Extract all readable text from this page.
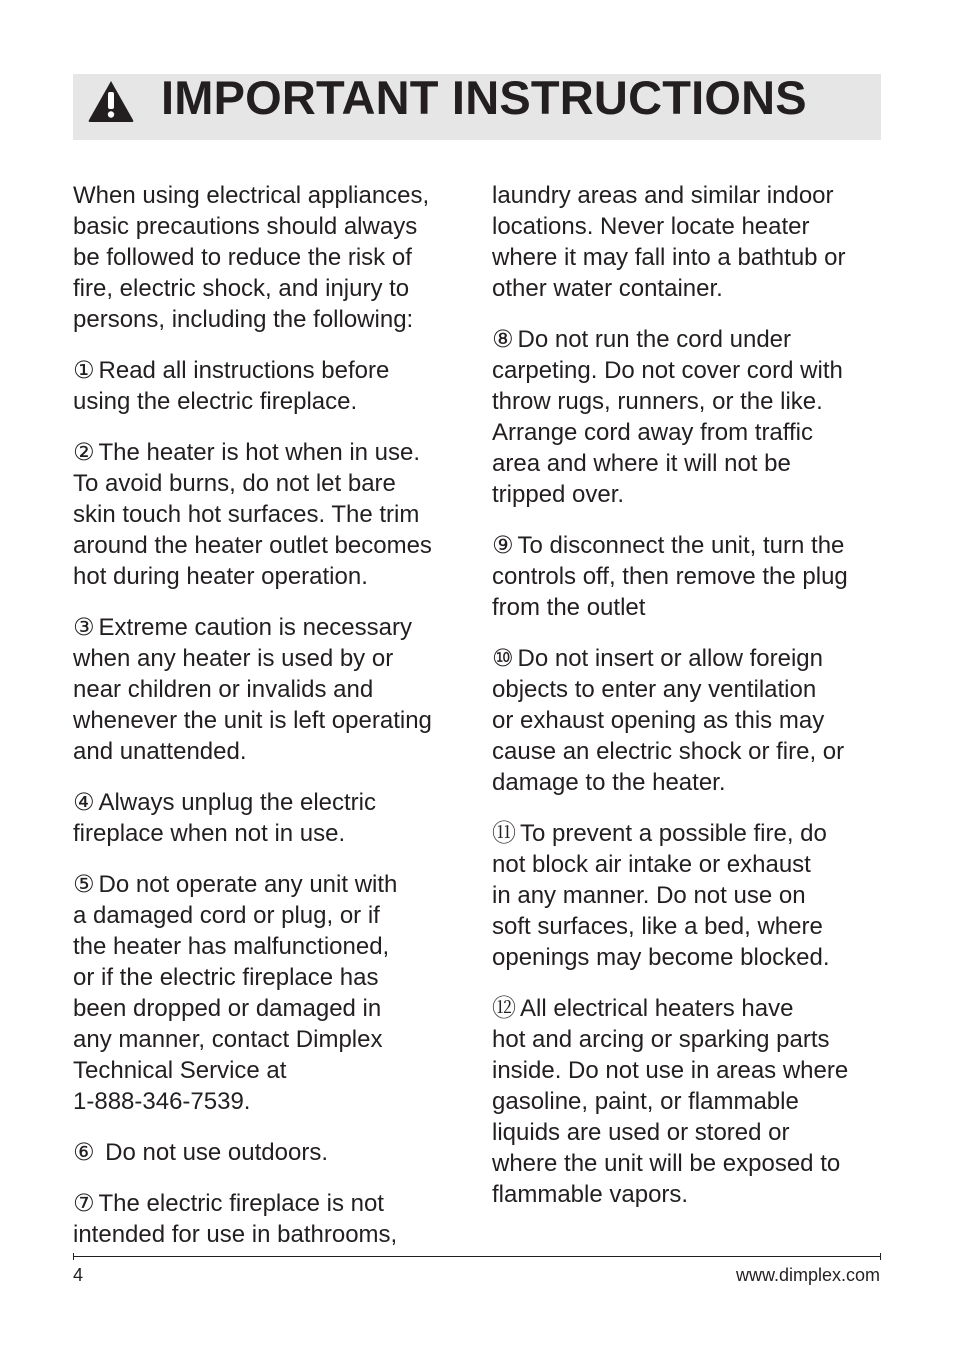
IMPORTANT INSTRUCTIONS

When using electrical appliances,
basic precautions should always
be followed to reduce the risk of
fire, electric shock, and injury to
persons, including the following:

① Read all instructions before
using the electric fireplace.

② The heater is hot when in use.
To avoid burns, do not let bare
skin touch hot surfaces. The trim
around the heater outlet becomes
hot during heater operation.

③ Extreme caution is necessary
when any heater is used by or
near children or invalids and
whenever the unit is left operating
and unattended.

④ Always unplug the electric
fireplace when not in use.

⑤ Do not operate any unit with
a damaged cord or plug, or if
the heater has malfunctioned,
or if the electric fireplace has
been dropped or damaged in
any manner, contact Dimplex
Technical Service at
1-888-346-7539.

⑥ Do not use outdoors.

⑦ The electric fireplace is not
intended for use in bathrooms,

laundry areas and similar indoor
locations. Never locate heater
where it may fall into a bathtub or
other water container.

⑧ Do not run the cord under
carpeting. Do not cover cord with
throw rugs, runners, or the like.
Arrange cord away from traffic
area and where it will not be
tripped over.

⑨ To disconnect the unit, turn the
controls off, then remove the plug
from the outlet

⑩ Do not insert or allow foreign
objects to enter any ventilation
or exhaust opening as this may
cause an electric shock or fire, or
damage to the heater.

⑪ To prevent a possible fire, do
not block air intake or exhaust
in any manner. Do not use on
soft surfaces, like a bed, where
openings may become blocked.

⑫ All electrical heaters have
hot and arcing or sparking parts
inside. Do not use in areas where
gasoline, paint, or flammable
liquids are used or stored or
where the unit will be exposed to
flammable vapors.

4	www.dimplex.com
